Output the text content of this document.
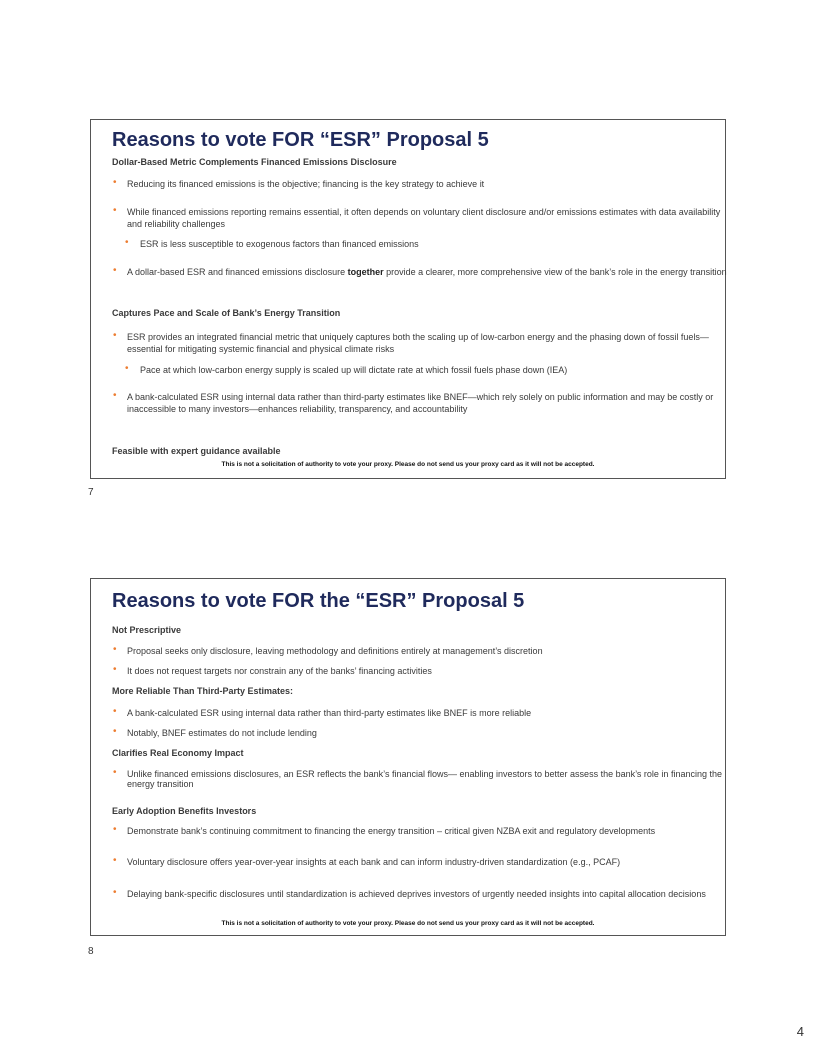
Reasons to vote FOR “ESR” Proposal 5
Dollar-Based Metric Complements Financed Emissions Disclosure
• Reducing its financed emissions is the objective; financing is the key strategy to achieve it
• While financed emissions reporting remains essential, it often depends on voluntary client disclosure and/or emissions estimates with data availability and reliability challenges
• ESR is less susceptible to exogenous factors than financed emissions
• A dollar-based ESR and financed emissions disclosure together provide a clearer, more comprehensive view of the bank’s role in the energy transition
Captures Pace and Scale of Bank’s Energy Transition
• ESR provides an integrated financial metric that uniquely captures both the scaling up of low-carbon energy and the phasing down of fossil fuels—essential for mitigating systemic financial and physical climate risks
• Pace at which low-carbon energy supply is scaled up will dictate rate at which fossil fuels phase down (IEA)
• A bank-calculated ESR using internal data rather than third-party estimates like BNEF—which rely solely on public information and may be costly or inaccessible to many investors—enhances reliability, transparency, and accountability
Feasible with expert guidance available
This is not a solicitation of authority to vote your proxy. Please do not send us your proxy card as it will not be accepted.
7
Reasons to vote FOR the “ESR” Proposal 5
Not Prescriptive
• Proposal seeks only disclosure, leaving methodology and definitions entirely at management’s discretion
• It does not request targets nor constrain any of the banks’ financing activities
More Reliable Than Third-Party Estimates:
• A bank-calculated ESR using internal data rather than third-party estimates like BNEF is more reliable
• Notably, BNEF estimates do not include lending
Clarifies Real Economy Impact
• Unlike financed emissions disclosures, an ESR reflects the bank’s financial flows— enabling investors to better assess the bank’s role in financing the energy transition
Early Adoption Benefits Investors
• Demonstrate bank’s continuing commitment to financing the energy transition – critical given NZBA exit and regulatory developments
• Voluntary disclosure offers year-over-year insights at each bank and can inform industry-driven standardization (e.g., PCAF)
• Delaying bank-specific disclosures until standardization is achieved deprives investors of urgently needed insights into capital allocation decisions
This is not a solicitation of authority to vote your proxy. Please do not send us your proxy card as it will not be accepted.
8
4
